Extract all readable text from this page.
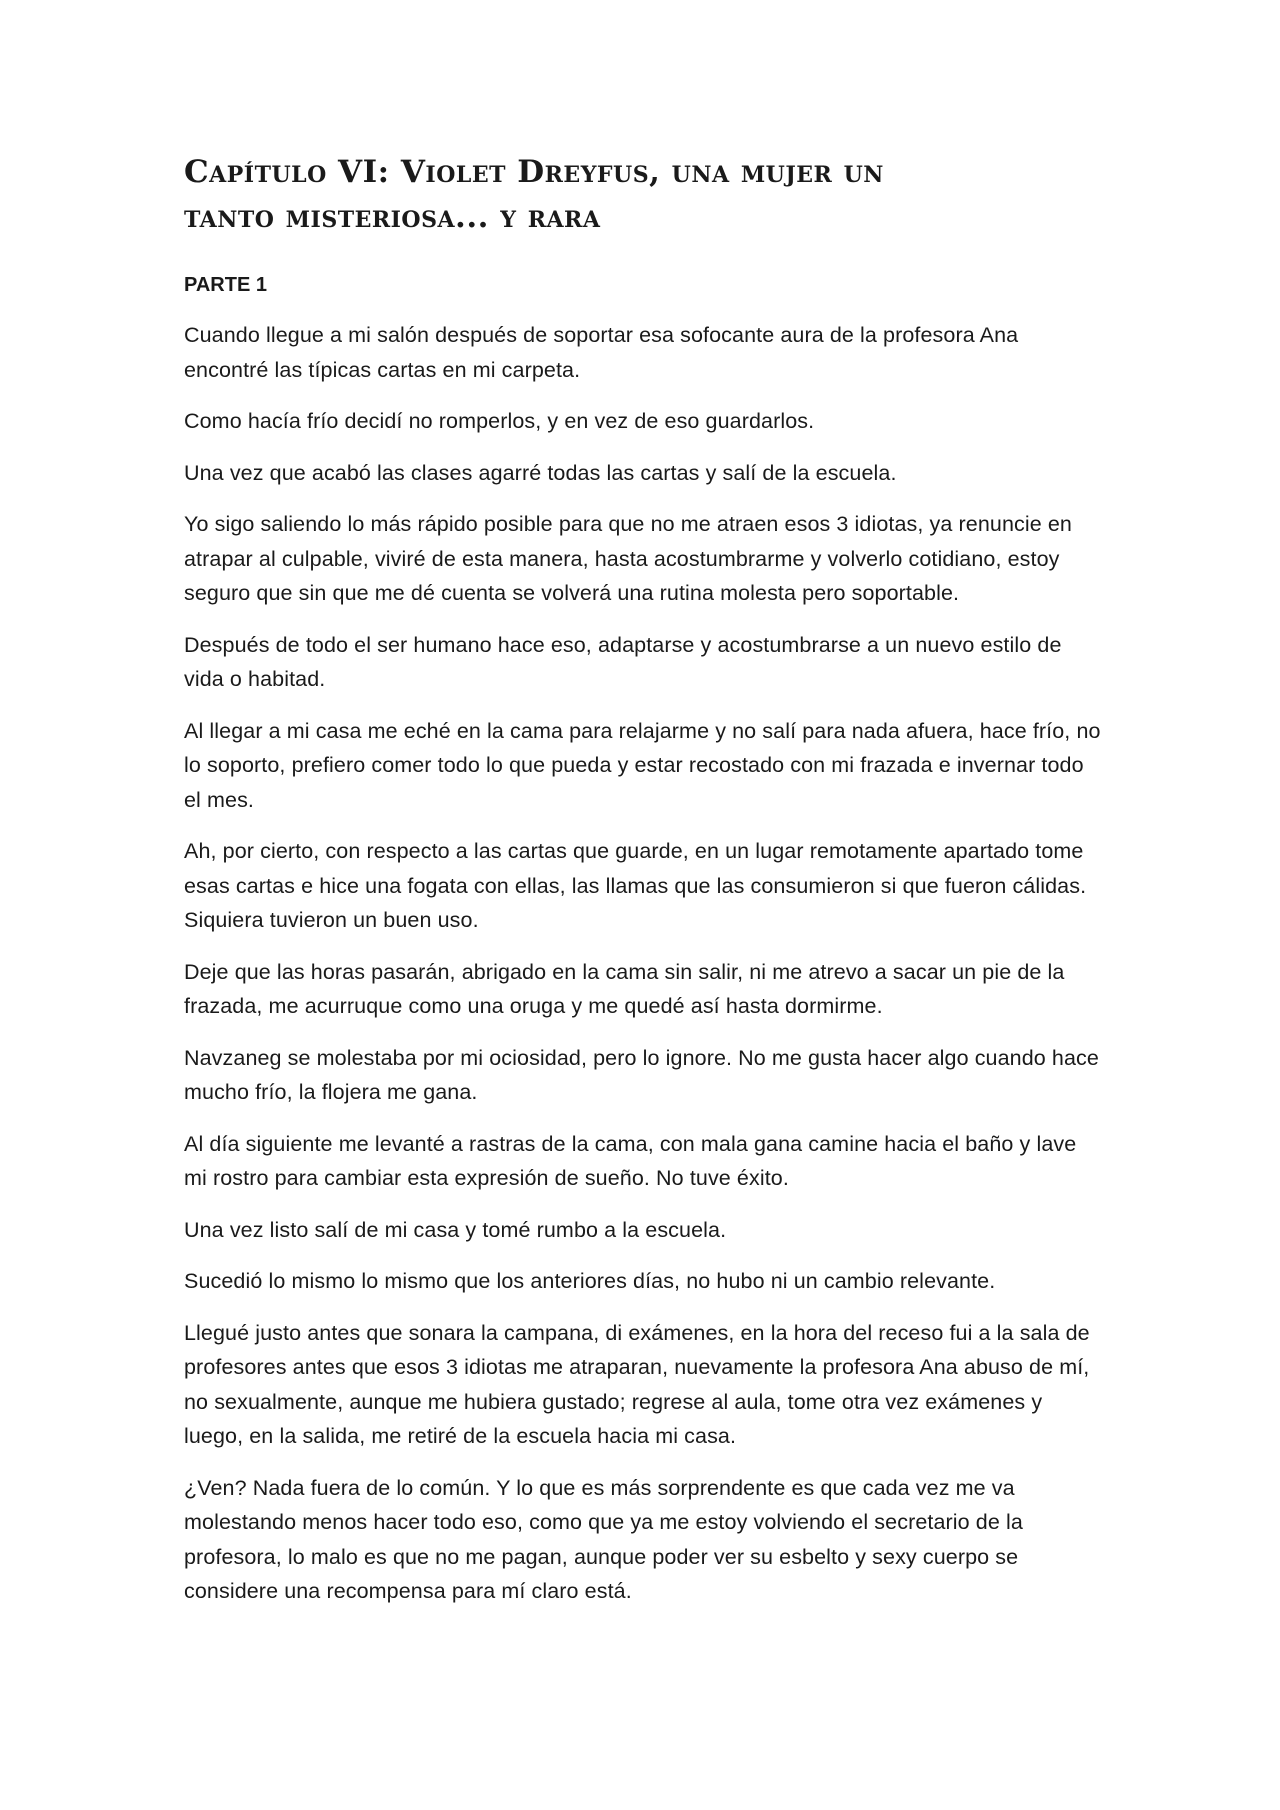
Capítulo VI: Violet Dreyfus, una mujer un
tanto misteriosa... y rara
PARTE 1

Cuando llegue a mi salón después de soportar esa sofocante aura de la profesora Ana encontré las típicas cartas en mi carpeta.

Como hacía frío decidí no romperlos, y en vez de eso guardarlos.

Una vez que acabó las clases agarré todas las cartas y salí de la escuela.

Yo sigo saliendo lo más rápido posible para que no me atraen esos 3 idiotas, ya renuncie en atrapar al culpable, viviré de esta manera, hasta acostumbrarme y volverlo cotidiano, estoy seguro que sin que me dé cuenta se volverá una rutina molesta pero soportable.

Después de todo el ser humano hace eso, adaptarse y acostumbrarse a un nuevo estilo de vida o habitad.

Al llegar a mi casa me eché en la cama para relajarme y no salí para nada afuera, hace frío, no lo soporto, prefiero comer todo lo que pueda y estar recostado con mi frazada e invernar todo el mes.

Ah, por cierto, con respecto a las cartas que guarde, en un lugar remotamente apartado tome esas cartas e hice una fogata con ellas, las llamas que las consumieron si que fueron cálidas. Siquiera tuvieron un buen uso.

Deje que las horas pasarán, abrigado en la cama sin salir, ni me atrevo a sacar un pie de la frazada, me acurruque como una oruga y me quedé así hasta dormirme.

Navzaneg se molestaba por mi ociosidad, pero lo ignore. No me gusta hacer algo cuando hace mucho frío, la flojera me gana.

Al día siguiente me levanté a rastras de la cama, con mala gana camine hacia el baño y lave mi rostro para cambiar esta expresión de sueño. No tuve éxito.

Una vez listo salí de mi casa y tomé rumbo a la escuela.

Sucedió lo mismo lo mismo que los anteriores días, no hubo ni un cambio relevante.

Llegué justo antes que sonara la campana, di exámenes, en la hora del receso fui a la sala de profesores antes que esos 3 idiotas me atraparan, nuevamente la profesora Ana abuso de mí, no sexualmente, aunque me hubiera gustado; regrese al aula, tome otra vez exámenes y luego, en la salida, me retiré de la escuela hacia mi casa.

¿Ven? Nada fuera de lo común. Y lo que es más sorprendente es que cada vez me va molestando menos hacer todo eso, como que ya me estoy volviendo el secretario de la profesora, lo malo es que no me pagan, aunque poder ver su esbelto y sexy cuerpo se considere una recompensa para mí claro está.
